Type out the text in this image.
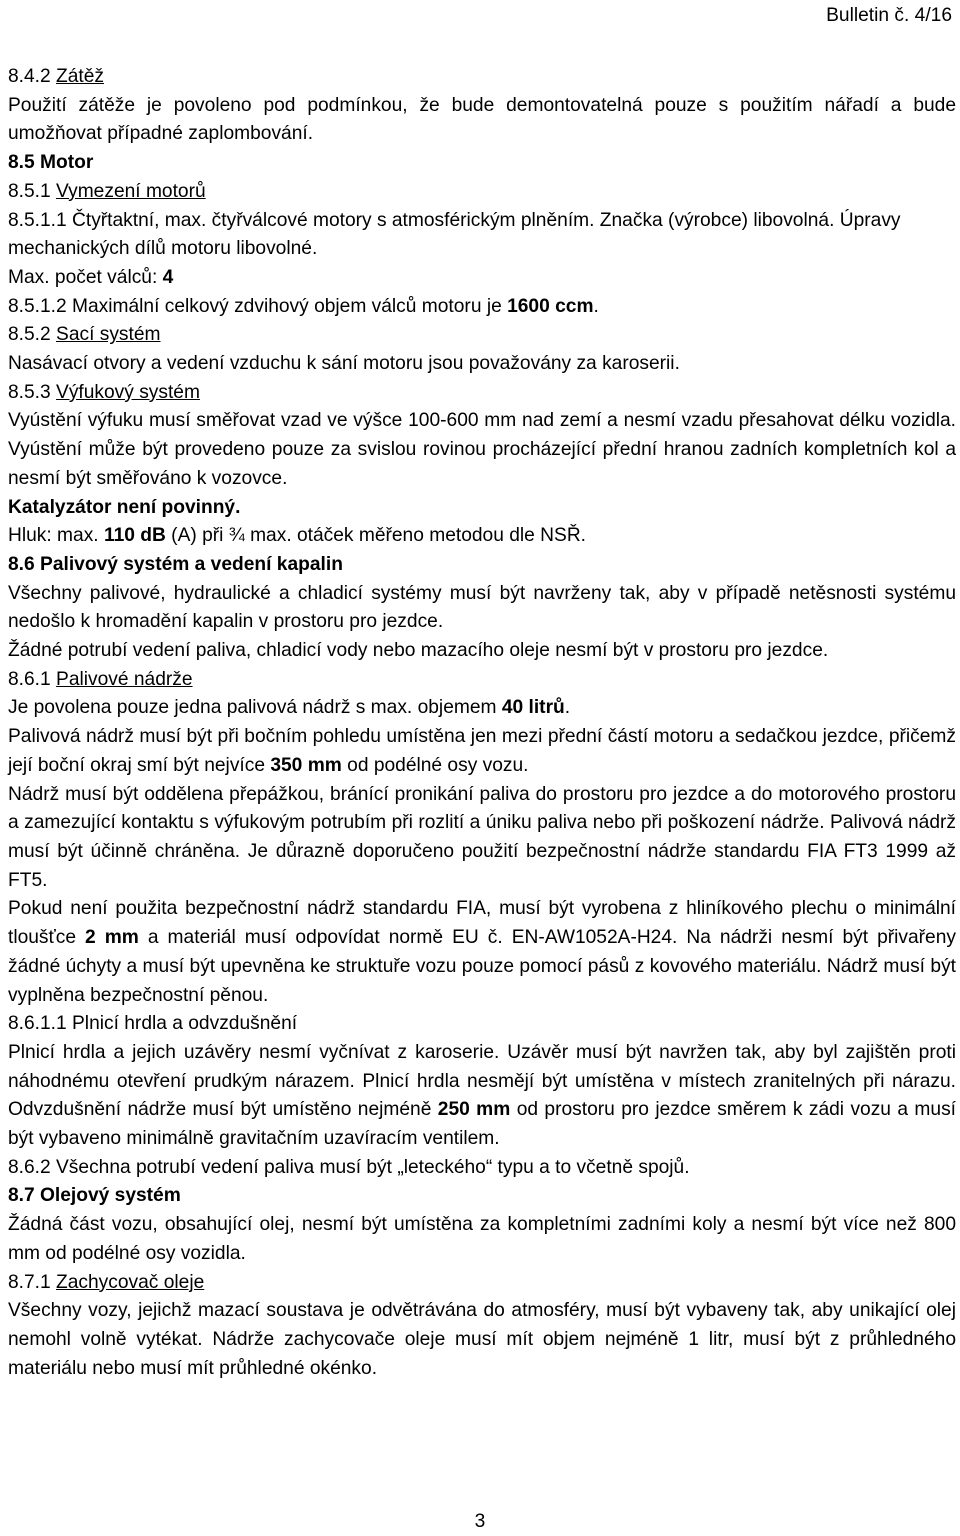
Bulletin č. 4/16

8.4.2 Zátěž

Použití zátěže je povoleno pod podmínkou, že bude demontovatelná pouze s použitím nářadí a bude umožňovat případné zaplombování.

8.5 Motor

8.5.1 Vymezení motorů

8.5.1.1 Čtyřtaktní, max. čtyřválcové motory s atmosférickým plněním. Značka (výrobce) libovolná. Úpravy mechanických dílů motoru libovolné.

Max. počet válců: 4

8.5.1.2 Maximální celkový zdvihový objem válců motoru je 1600 ccm.

8.5.2 Sací systém

Nasávací otvory a vedení vzduchu k sání motoru jsou považovány za karoserii.

8.5.3 Výfukový systém

Vyústění výfuku musí směřovat vzad ve výšce 100-600 mm nad zemí a nesmí vzadu přesahovat délku vozidla. Vyústění může být provedeno pouze za svislou rovinou procházející přední hranou zadních kompletních kol a nesmí být směřováno k vozovce.

Katalyzátor není povinný.

Hluk: max. 110 dB (A) při ¾ max. otáček měřeno metodou dle NSŘ.

8.6 Palivový systém a vedení kapalin

Všechny palivové, hydraulické a chladicí systémy musí být navrženy tak, aby v případě netěsnosti systému nedošlo k hromadění kapalin v prostoru pro jezdce.

Žádné potrubí vedení paliva, chladicí vody nebo mazacího oleje nesmí být v prostoru pro jezdce.

8.6.1 Palivové nádrže

Je povolena pouze jedna palivová nádrž s max. objemem 40 litrů.

Palivová nádrž musí být při bočním pohledu umístěna jen mezi přední částí motoru a sedačkou jezdce, přičemž její boční okraj smí být nejvíce 350 mm od podélné osy vozu.

Nádrž musí být oddělena přepážkou, bránící pronikání paliva do prostoru pro jezdce a do motorového prostoru a zamezující kontaktu s výfukovým potrubím při rozlití a úniku paliva nebo při poškození nádrže. Palivová nádrž musí být účinně chráněna. Je důrazně doporučeno použití bezpečnostní nádrže standardu FIA FT3 1999 až FT5.

Pokud není použita bezpečnostní nádrž standardu FIA, musí být vyrobena z hliníkového plechu o minimální tloušťce 2 mm a materiál musí odpovídat normě EU č. EN-AW1052A-H24. Na nádrži nesmí být přivařeny žádné úchyty a musí být upevněna ke struktuře vozu pouze pomocí pásů z kovového materiálu. Nádrž musí být vyplněna bezpečnostní pěnou.

8.6.1.1 Plnicí hrdla a odvzdušnění

Plnicí hrdla a jejich uzávěry nesmí vyčnívat z karoserie. Uzávěr musí být navržen tak, aby byl zajištěn proti náhodnému otevření prudkým nárazem. Plnicí hrdla nesmějí být umístěna v místech zranitelných při nárazu. Odvzdušnění nádrže musí být umístěno nejméně 250 mm od prostoru pro jezdce směrem k zádi vozu a musí být vybaveno minimálně gravitačním uzavíracím ventilem.

8.6.2 Všechna potrubí vedení paliva musí být „leteckého“ typu a to včetně spojů.

8.7 Olejový systém

Žádná část vozu, obsahující olej, nesmí být umístěna za kompletními zadními koly a nesmí být více než 800 mm od podélné osy vozidla.

8.7.1 Zachycovač oleje

Všechny vozy, jejichž mazací soustava je odvětrávána do atmosféry, musí být vybaveny tak, aby unikající olej nemohl volně vytékat. Nádrže zachycovače oleje musí mít objem nejméně 1 litr, musí být z průhledného materiálu nebo musí mít průhledné okénko.

3
